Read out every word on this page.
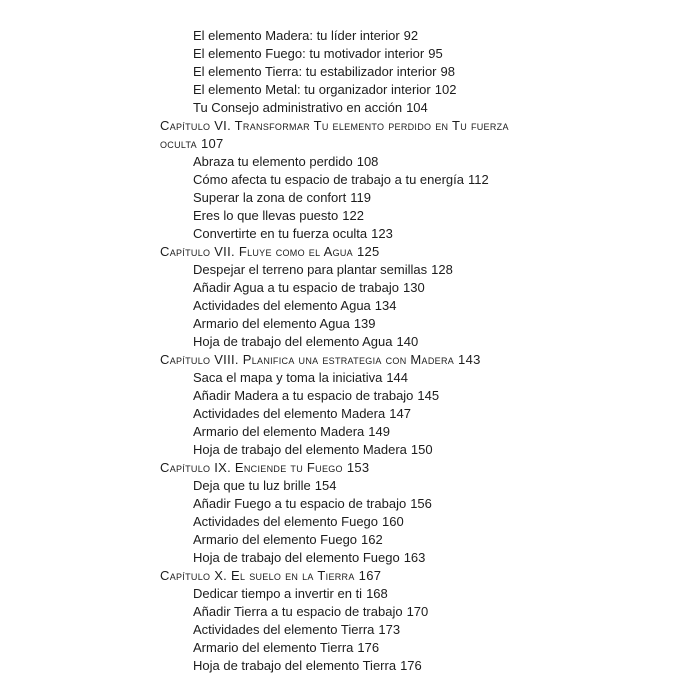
El elemento Madera: tu líder interior 92
El elemento Fuego: tu motivador interior 95
El elemento Tierra: tu estabilizador interior 98
El elemento Metal: tu organizador interior 102
Tu Consejo administrativo en acción 104
Capítulo VI. Transformar Tu elemento perdido en Tu fuerza
oculta 107
Abraza tu elemento perdido 108
Cómo afecta tu espacio de trabajo a tu energía 112
Superar la zona de confort 119
Eres lo que llevas puesto 122
Convertirte en tu fuerza oculta 123
Capítulo VII. Fluye como el Agua 125
Despejar el terreno para plantar semillas 128
Añadir Agua a tu espacio de trabajo 130
Actividades del elemento Agua 134
Armario del elemento Agua 139
Hoja de trabajo del elemento Agua 140
Capítulo VIII. Planifica una estrategia con Madera 143
Saca el mapa y toma la iniciativa 144
Añadir Madera a tu espacio de trabajo 145
Actividades del elemento Madera 147
Armario del elemento Madera 149
Hoja de trabajo del elemento Madera 150
Capítulo IX. Enciende tu Fuego 153
Deja que tu luz brille 154
Añadir Fuego a tu espacio de trabajo 156
Actividades del elemento Fuego 160
Armario del elemento Fuego 162
Hoja de trabajo del elemento Fuego 163
Capítulo X. El suelo en la Tierra 167
Dedicar tiempo a invertir en ti 168
Añadir Tierra a tu espacio de trabajo 170
Actividades del elemento Tierra 173
Armario del elemento Tierra 176
Hoja de trabajo del elemento Tierra 176
